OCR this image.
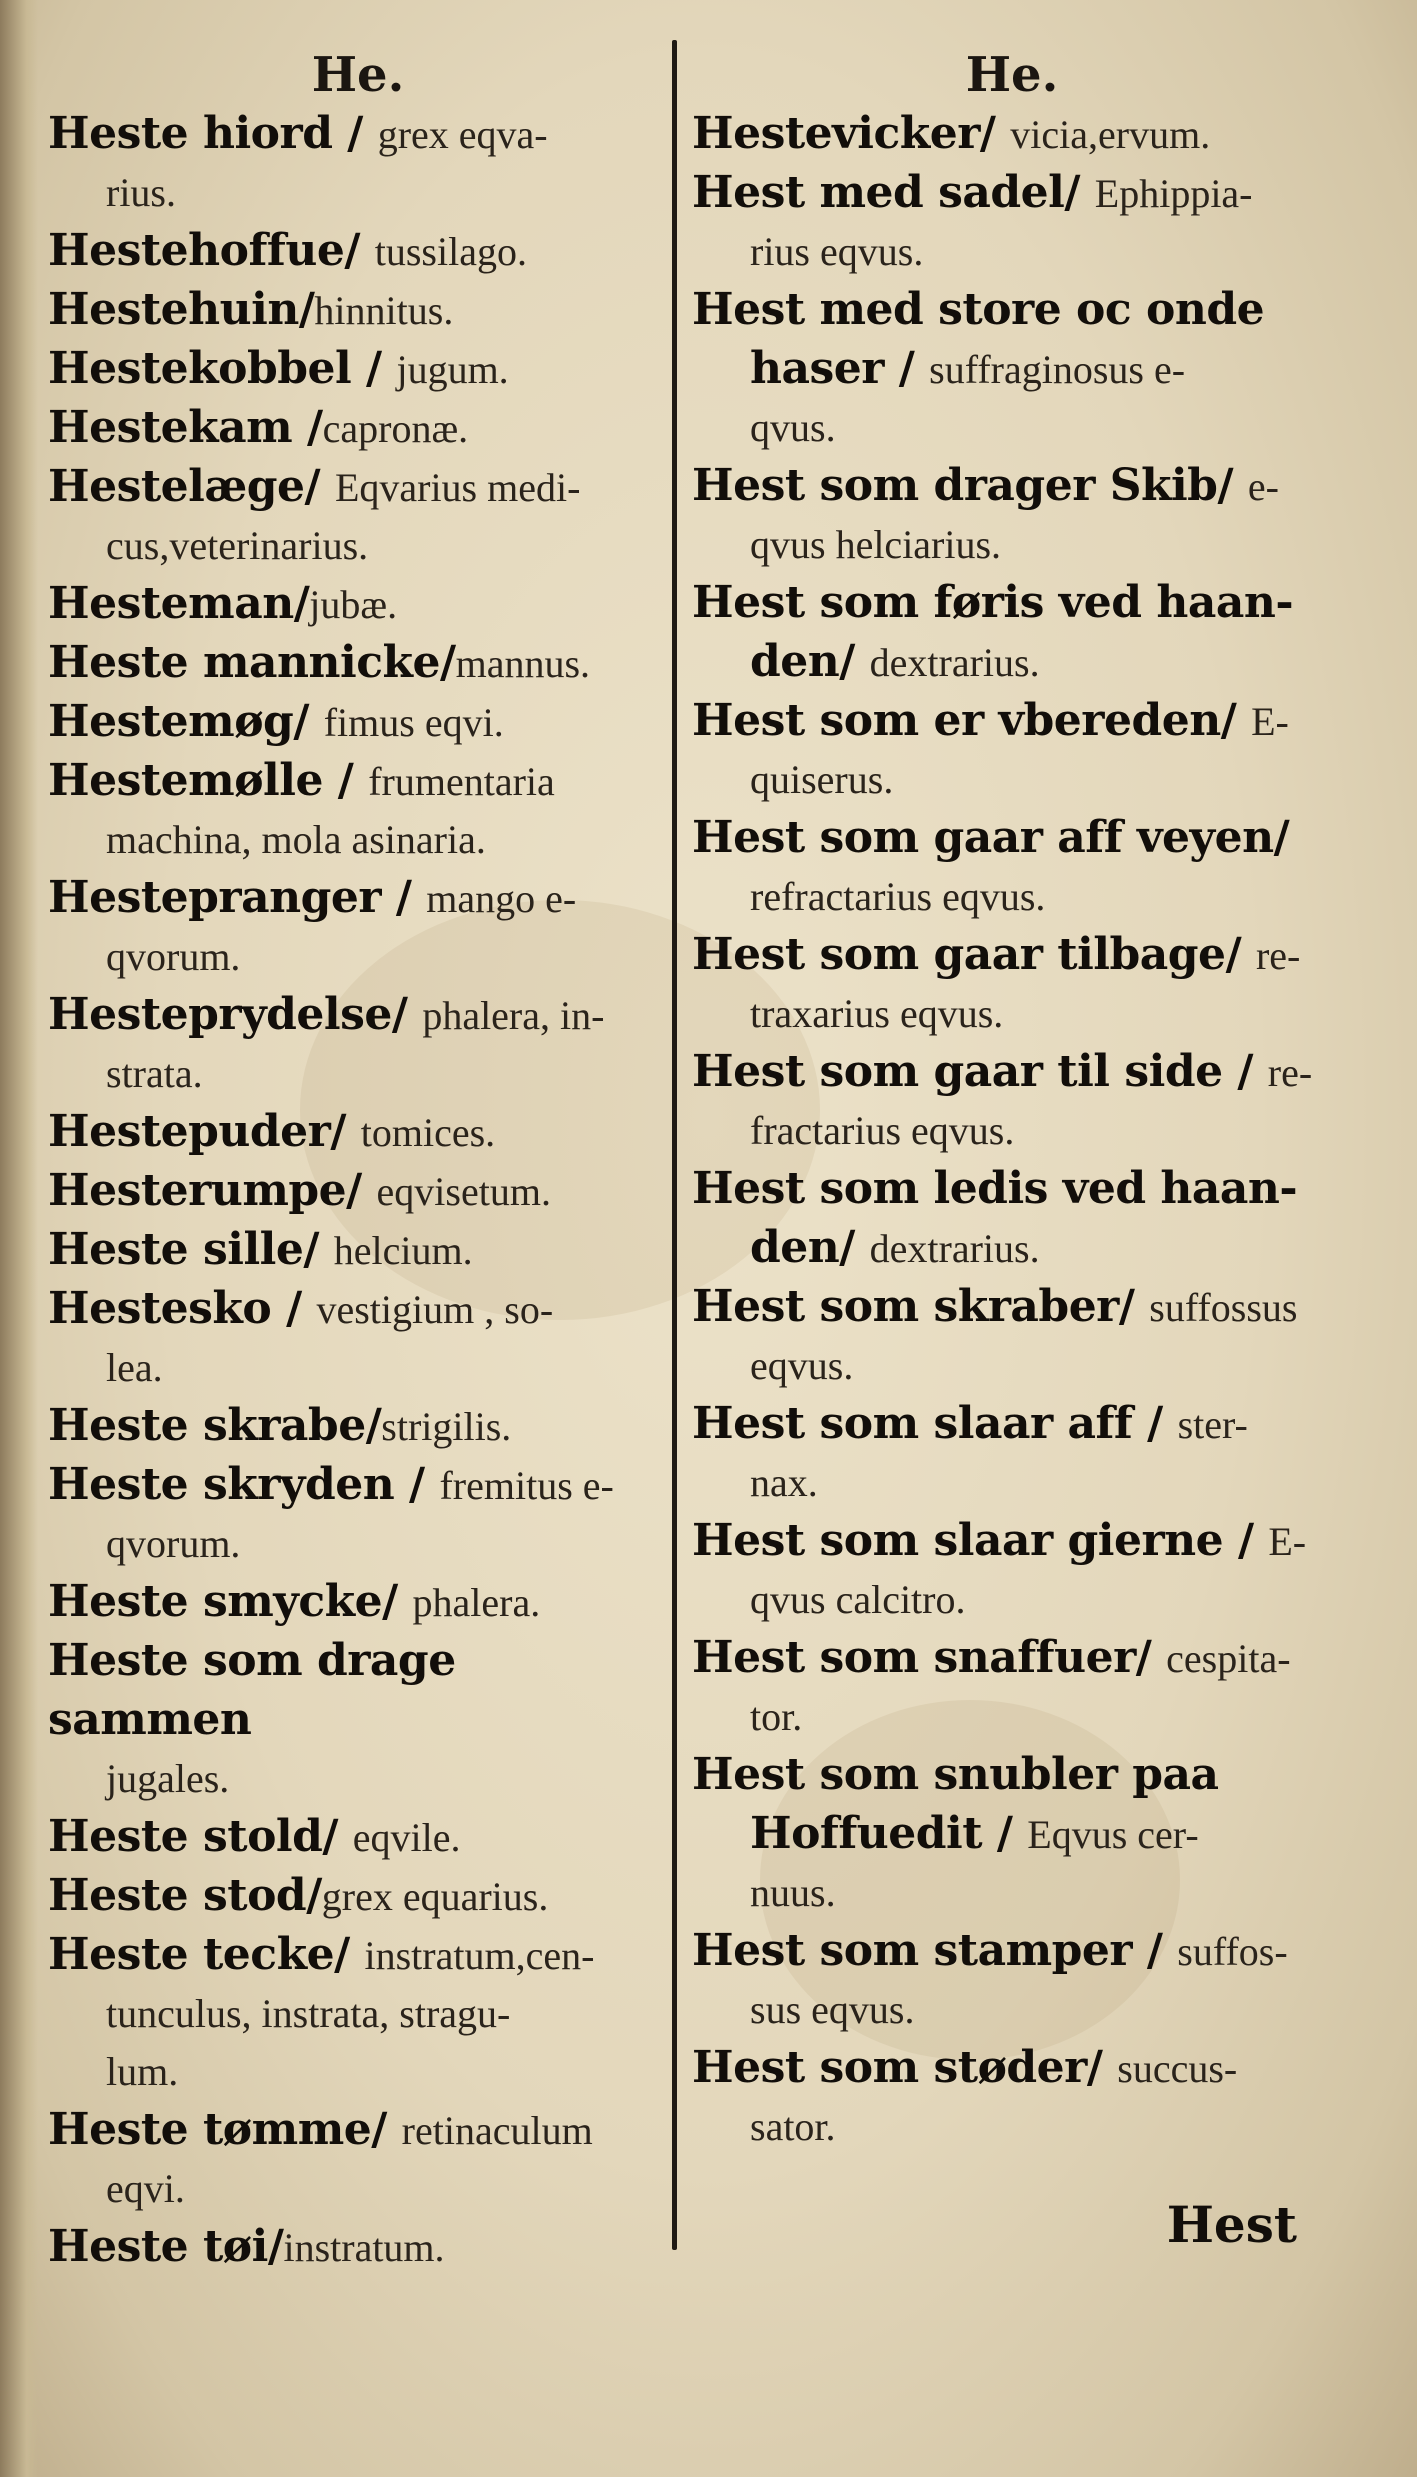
He.
Heste hiord / grex eqva-
rius.
Hestehoffue/ tussilago.
Hestehuin/hinnitus.
Hestekobbel / jugum.
Hestekam /capronæ.
Hestelæge/ Eqvarius medi-
cus,veterinarius.
Hesteman/jubæ.
Heste mannicke/mannus.
Hestemøg/ fimus eqvi.
Hestemølle / frumentaria
machina, mola asinaria.
Hestepranger / mango e-
qvorum.
Hesteprydelse/ phalera, in-
strata.
Hestepuder/ tomices.
Hesterumpe/ eqvisetum.
Heste sille/ helcium.
Hestesko / vestigium , so-
lea.
Heste skrabe/strigilis.
Heste skryden / fremitus e-
qvorum.
Heste smycke/ phalera.
Heste som drage sammen
jugales.
Heste stold/ eqvile.
Heste stod/grex equarius.
Heste tecke/ instratum,cen-
tunculus, instrata, stragu-
lum.
Heste tømme/ retinaculum
eqvi.
Heste tøi/instratum.
He.
Hestevicker/ vicia,ervum.
Hest med sadel/ Ephippia-
rius eqvus.
Hest med store oc onde
haser / suffraginosus e-
qvus.
Hest som drager Skib/ e-
qvus helciarius.
Hest som føris ved haan-
den/ dextrarius.
Hest som er vbereden/ E-
quiserus.
Hest som gaar aff veyen/
refractarius eqvus.
Hest som gaar tilbage/ re-
traxarius eqvus.
Hest som gaar til side / re-
fractarius eqvus.
Hest som ledis ved haan-
den/ dextrarius.
Hest som skraber/ suffossus
eqvus.
Hest som slaar aff / ster-
nax.
Hest som slaar gierne / E-
qvus calcitro.
Hest som snaffuer/ cespita-
tor.
Hest som snubler paa
Hoffuedit / Eqvus cer-
nuus.
Hest som stamper / suffos-
sus eqvus.
Hest som støder/ succus-
sator.
Hest
